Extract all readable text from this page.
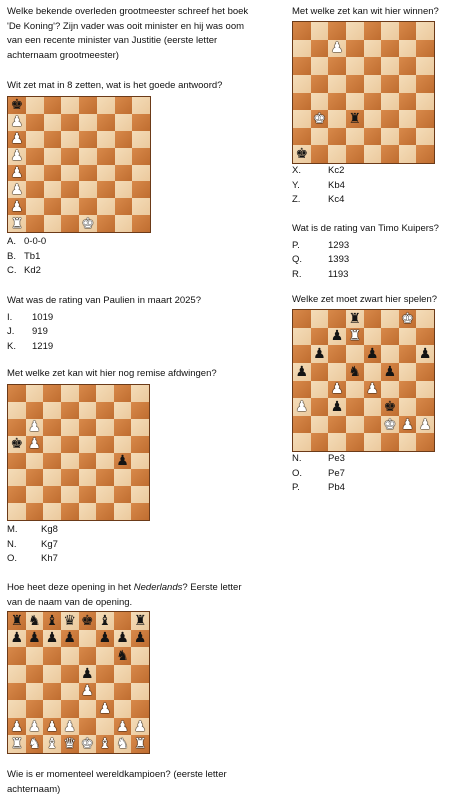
Welke bekende overleden grootmeester schreef het boek 'De Koning'? Zijn vader was ooit minister en hij was oom van een recente minister van Justitie (eerste letter achternaam grootmeester)

Wit zet mat in 8 zetten, wat is het goede antwoord?

♚
♟
♟
♟
♟
♟
♟
♜	♚
A. 0-0-0
B. Tb1
C. Kd2

Wat was de rating van Paulien in maart 2025?

I.	1019
J.	919
K.	1219

Met welke zet kan wit hier nog remise afdwingen?

♟
♚ ♟
♟
M.	Kg8
N.	Kg7
O.	Kh7

Hoe heet deze opening in het Nederlands? Eerste letter van de naam van de opening.

♜ ♞ ♝ ♛ ♚ ♝ ♜
♟ ♟ ♟ ♟ ♟ ♟ ♟
♞
♟
♟
♟
♟ ♟ ♟ ♟	♟ ♟
♜ ♞ ♝ ♛ ♚ ♝ ♞ ♜

Wie is er momenteel wereldkampioen? (eerste letter achternaam)

Met welke zet kan wit hier winnen?

♟
♚ ♜
♚
X.	Kc2
Y.	Kb4
Z.	Kc4

Wat is de rating van Timo Kuipers?

P.	1293
Q.	1393
R.	1193

Welke zet moet zwart hier spelen?

♜	♚
♟ ♜
♟	♟	♟
♟	♞ ♟
♟ ♟
♟ ♟	♚
♚ ♟ ♟
N.	Pe3
O.	Pe7
P.	Pb4
